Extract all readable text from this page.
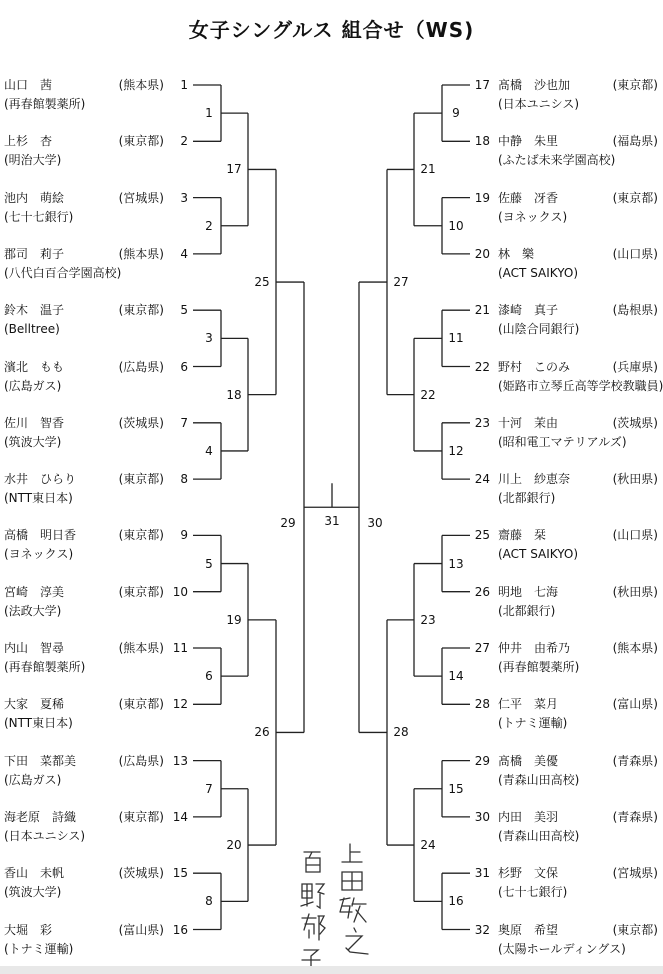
女子シングルス 組合せ（WS)
山口　茜	(熊本県)	1
(再春館製薬所)
上杉　杏	(東京都)	2
(明治大学)
池内　萌絵	(宮城県)	3
(七十七銀行)
郡司　莉子	(熊本県)	4
(八代白百合学園高校)
鈴木　温子	(東京都)	5
(Belltree)
濱北　もも	(広島県)	6
(広島ガス)
佐川　智香	(茨城県)	7
(筑波大学)
水井　ひらり	(東京都)	8
(NTT東日本)
高橋　明日香	(東京都)	9
(ヨネックス)
宮崎　淳美	(東京都) 10
(法政大学)
内山　智尋	(熊本県) 11
(再春館製薬所)
大家　夏稀	(東京都) 12
(NTT東日本)
下田　菜都美	(広島県) 13
(広島ガス)
海老原　詩織	(東京都) 14
(日本ユニシス)
香山　未帆	(茨城県) 15
(筑波大学)
大堀　彩	(富山県) 16
(トナミ運輸)
17 髙橋　沙也加	(東京都)
(日本ユニシス)
18 中静　朱里	(福島県)
(ふたば未来学園高校)
19 佐藤　冴香	(東京都)
(ヨネックス)
20 林　樂	(山口県)
(ACT SAIKYO)
21 漆崎　真子	(島根県)
(山陰合同銀行)
22 野村　このみ	(兵庫県)
(姫路市立琴丘高等学校教職員)
23 十河　茉由	(茨城県)
(昭和電工マテリアルズ)
24 川上　紗恵奈	(秋田県)
(北都銀行)
25 齋藤　栞	(山口県)
(ACT SAIKYO)
26 明地　七海	(秋田県)
(北都銀行)
27 仲井　由希乃	(熊本県)
(再春館製薬所)
28 仁平　菜月	(富山県)
(トナミ運輸)
29 髙橋　美優	(青森県)
(青森山田高校)
30 内田　美羽	(青森県)
(青森山田高校)
31 杉野　文保	(宮城県)
(七十七銀行)
32 奥原　希望	(東京都)
(太陽ホールディングス)
1
2
3
4
5
6
7
8
17
18
19
20
25
26
29
9
10
11
12
13
14
15
16
21
22
23
24
27
28
30
31
